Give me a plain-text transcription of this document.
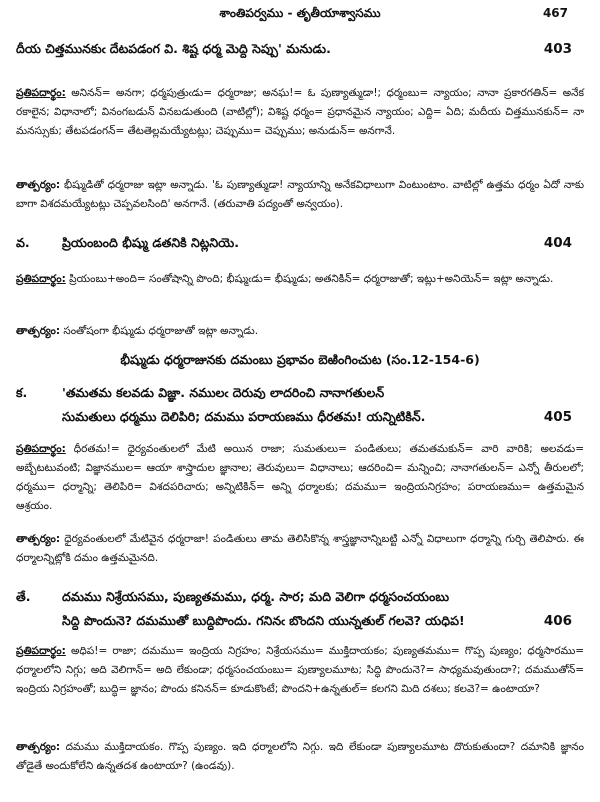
శాంతిపర్వము - తృతీయాశ్వాసము	467
దీయ చిత్తమునకుఁ దేటపడంగ వి. శిష్ట ధర్మ మెద్ది సెప్పు' మనుడు.	403
ప్రతిపదార్థం: అనినన్= అనగా; ధర్మపుత్రుఁడు= ధర్మరాజు; అనఘ!= ఓ పుణ్యాత్ముడా!; ధర్మంబు= న్యాయం; నానా ప్రకారగతిన్= అనేక రకాలైన; విధానాలో; వినంగబడున్ వినబడుతుంది (వాటిల్లో); విశిష్ట ధర్మం= ప్రధానమైన న్యాయం; ఎద్ది= ఏది; మదీయ చిత్తమునకున్= నా మనస్సుకు; తేటపడంగన్= తేటతెల్లమయ్యేటట్లు; చెప్పుము= చెప్పుము; అనుడున్= అనగానే.
తాత్పర్యం: భీష్ముడితో ధర్మరాజు ఇట్లా అన్నాడు. 'ఓ పుణ్యాత్ముడా! న్యాయాన్ని అనేకవిధాలుగా వింటుంటాం. వాటిల్లో ఉత్తమ ధర్మం ఏదో నాకు బాగా విశదమయ్యేటట్లు చెప్పవలసింది' అనగానే. (తరువాతి పద్యంతో అన్వయం).
వ.	ప్రియంబంది భీష్ము డతనికి నిట్లనియె.	404
ప్రతిపదార్థం: ప్రియంబు+అంది= సంతోషాన్ని పొంది; భీష్ముఁడు= భీష్ముడు; అతనికిన్= ధర్మరాజుతో; ఇట్లు+అనియెన్= ఇట్లా అన్నాడు.
తాత్పర్యం: సంతోషంగా భీష్ముడు ధర్మరాజుతో ఇట్లా అన్నాడు.
భీష్ముడు ధర్మరాజునకు దమంబు ప్రభావం బెఱింగించుట (సం.12-154-6)
క.	'తమతమ కలవడు విజ్ఞా. నములఁ దెరువు లాదరించి నానాగతులన్
సుమతులు ధర్మము దెలిపిరి; దమము పరాయణము ధీరతమ! యన్నిటికిన్.	405
ప్రతిపదార్థం: ధీరతమ!= ధైర్యవంతులలో మేటి అయిన రాజా; సుమతులు= పండితులు; తమతమకున్= వారి వారికి; అలవడు= అబ్బేటటువంటి; విజ్ఞానముల= ఆయా శాస్త్రాదుల జ్ఞానాల; తెరువులు= విధానాలు; ఆదరించి= మన్నించి; నానాగతులన్= ఎన్నో తీరులలో; ధర్మము= ధర్మాన్ని; తెలిపిరి= విశదపరిచారు; అన్నిటికిన్= అన్ని ధర్మాలకు; దమము= ఇంద్రియనిగ్రహం; పరాయణము= ఉత్తమమైన ఆశ్రయం.
తాత్పర్యం: ధైర్యవంతులలో మేటివైన ధర్మరాజా! పండితులు తామ తెలిసికొన్న శాస్త్రజ్ఞానాన్నిబట్టి ఎన్నో విధాలుగా ధర్మాన్ని గుర్చి తెలిపారు. ఈ ధర్మాలన్నిట్లోకి దమం ఉత్తమమైనది.
తే.	దమము నిశ్రేయసము, పుణ్యతమము, ధర్మ. సార; మది వెలిగా ధర్మసంచయంబు
సిద్ధి పొందునె? దమముతో బుద్ధిపొందు. గనినఁ బొందని యున్నతుల్ గలవె? యధిప!	406
ప్రతిపదార్థం: అధిప!= రాజా; దమము= ఇంద్రియ నిగ్రహం; నిశ్రేయసము= ముక్తిదాయకం; పుణ్యతమము= గొప్ప పుణ్యం; ధర్మసారము= ధర్మాలలోని నిగ్గు; అది వెలిగాన్= అది లేకుండా; ధర్మసంచయంబు= పుణ్యాలమూట; సిద్ధి పొందునె?= సాధ్యమవుతుందా?; దమముతోన్= ఇంద్రియ నిగ్రహంతో; బుద్ధి= జ్ఞానం; పొందు కనినన్= కూడుకొంటే; పొందని+ఉన్నతుల్= కలగని మిది దశలు; కలవె?= ఉంటాయా?
తాత్పర్యం: దమము ముక్తిదాయకం. గొప్ప పుణ్యం. ఇది ధర్మాలలోని నిగ్గు. ఇది లేకుండా పుణ్యాలమూట దొరుకుతుందా? దమానికి జ్ఞానం తోడైతే అందుకోలేని ఉన్నతదశ ఉంటాయా? (ఉండవు).
